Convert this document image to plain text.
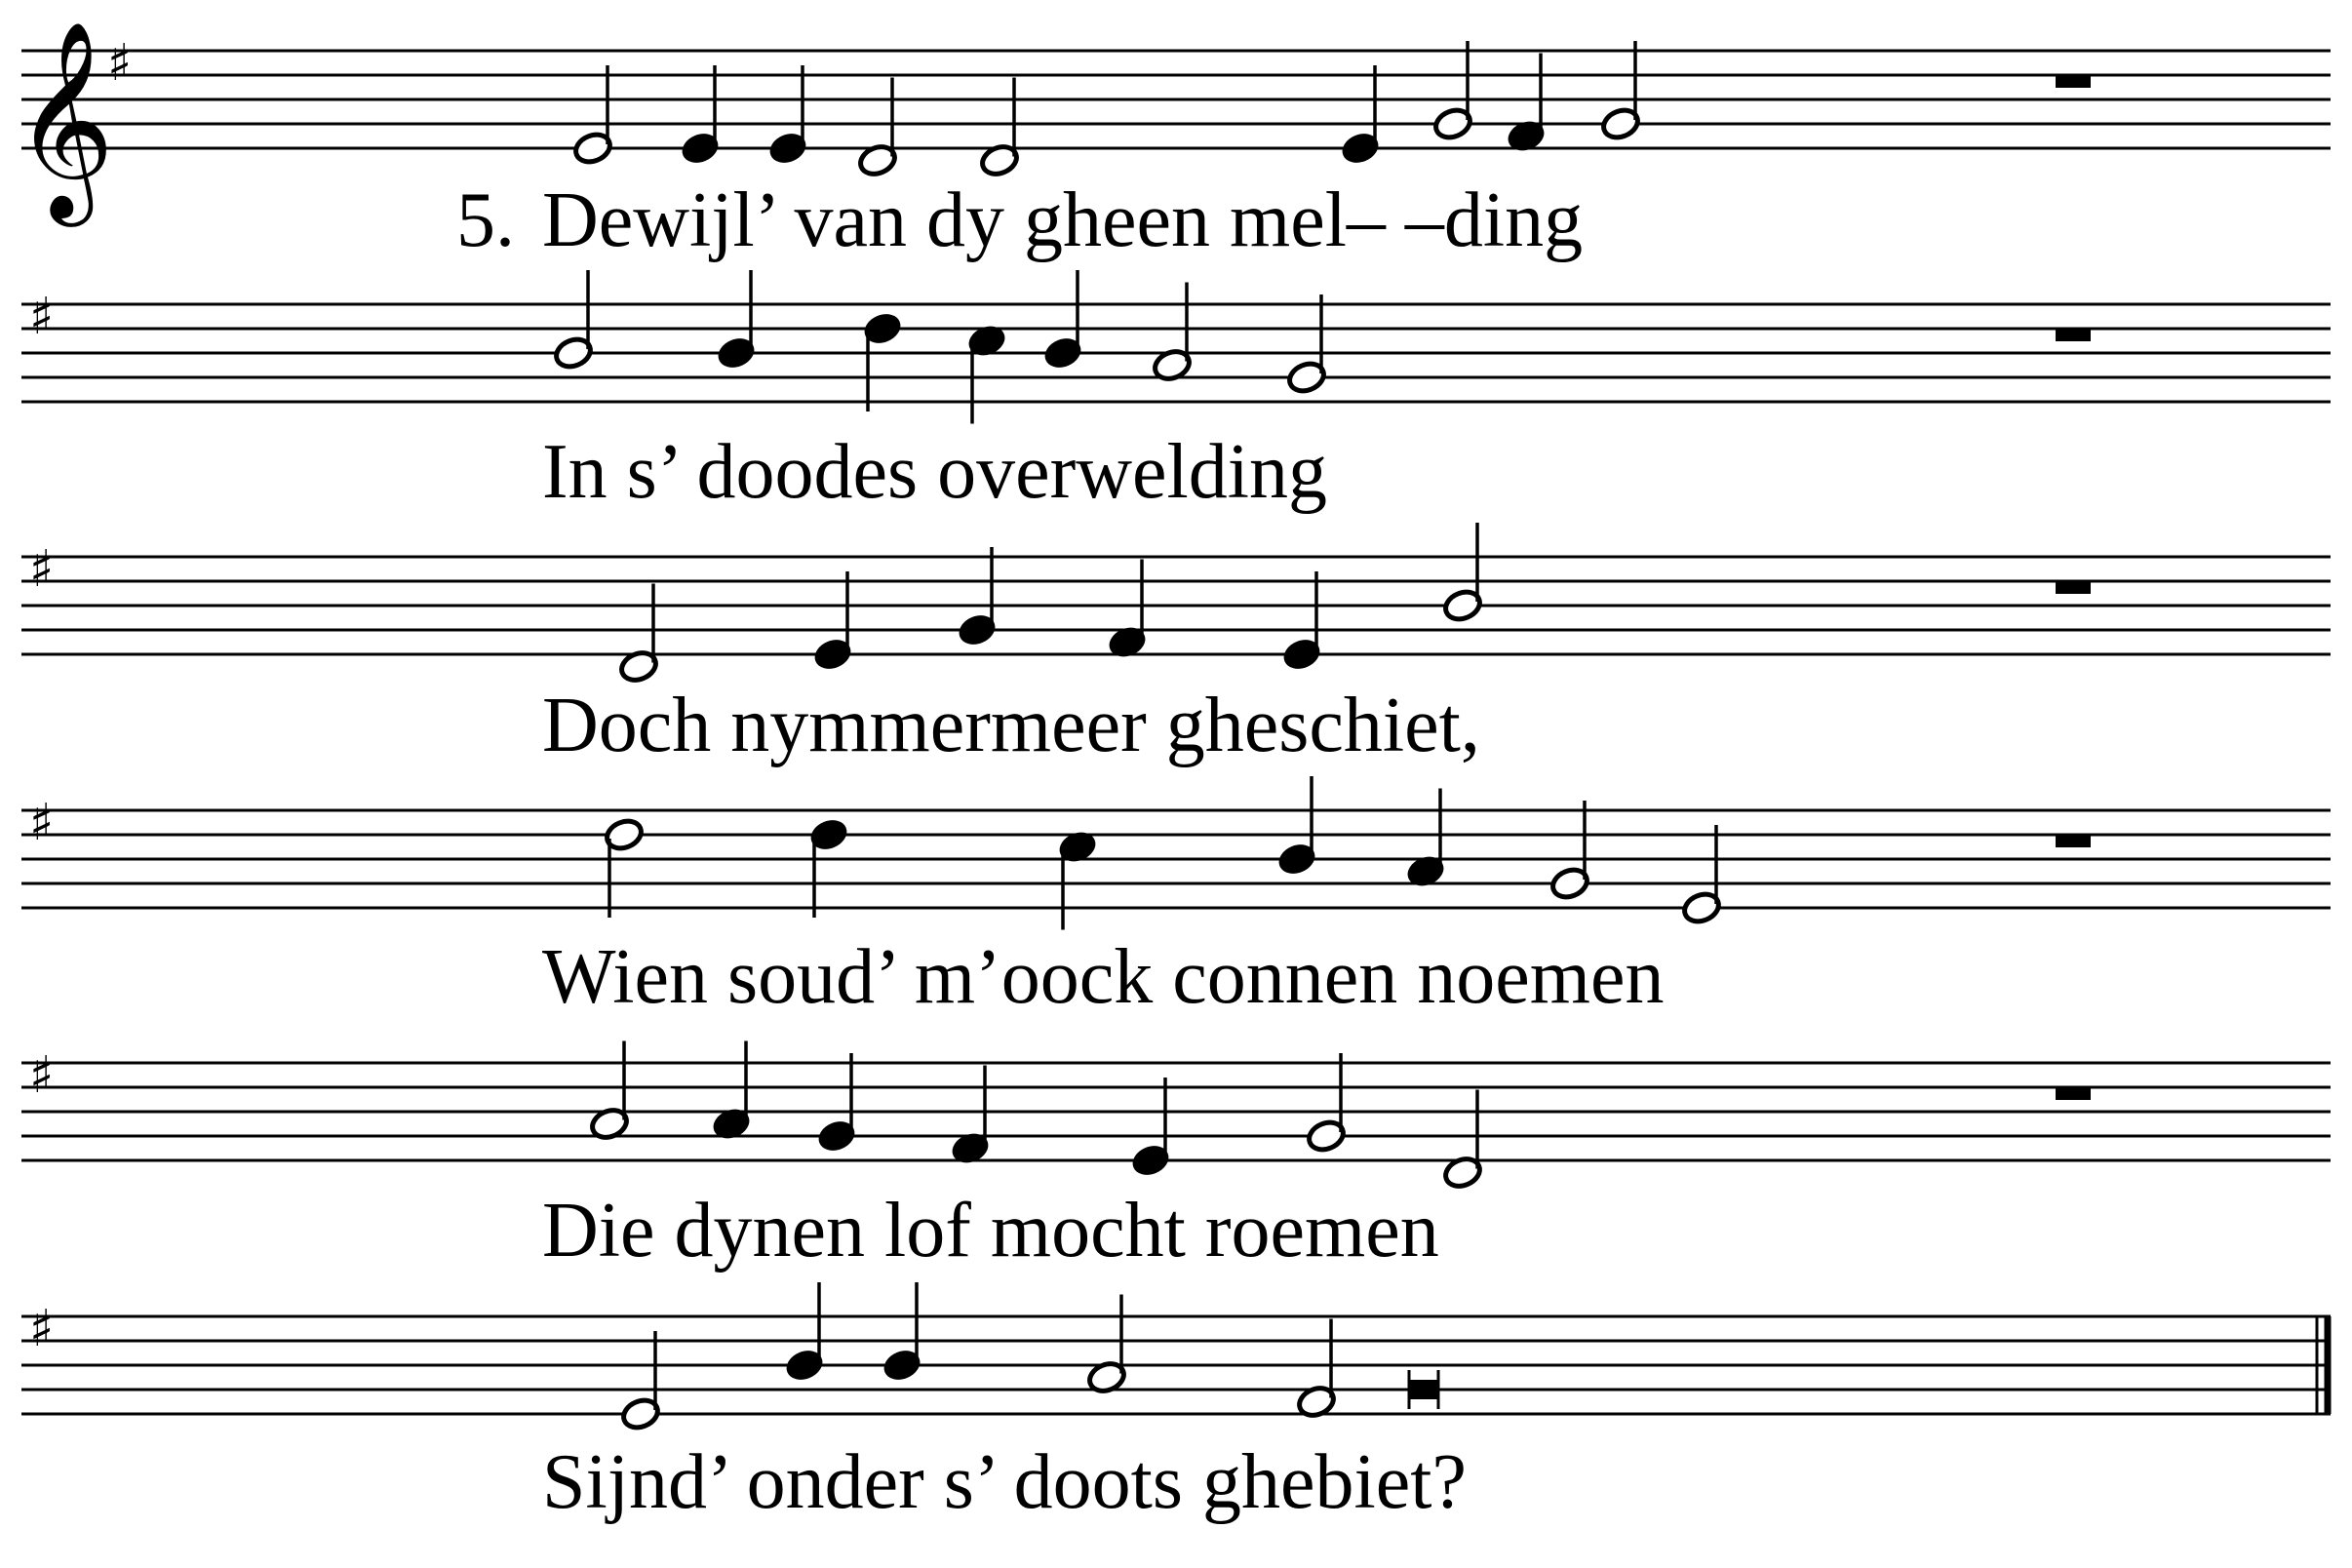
𝄞
♯
♯
♯
♯
♯
♯
5. Dewijl’ van dy gheen mel– –ding
In s’ doodes overwelding
Doch nymmermeer gheschiet,
Wien soud’ m’oock connen noemen
Die dynen lof mocht roemen
Sijnd’ onder s’ doots ghebiet?
